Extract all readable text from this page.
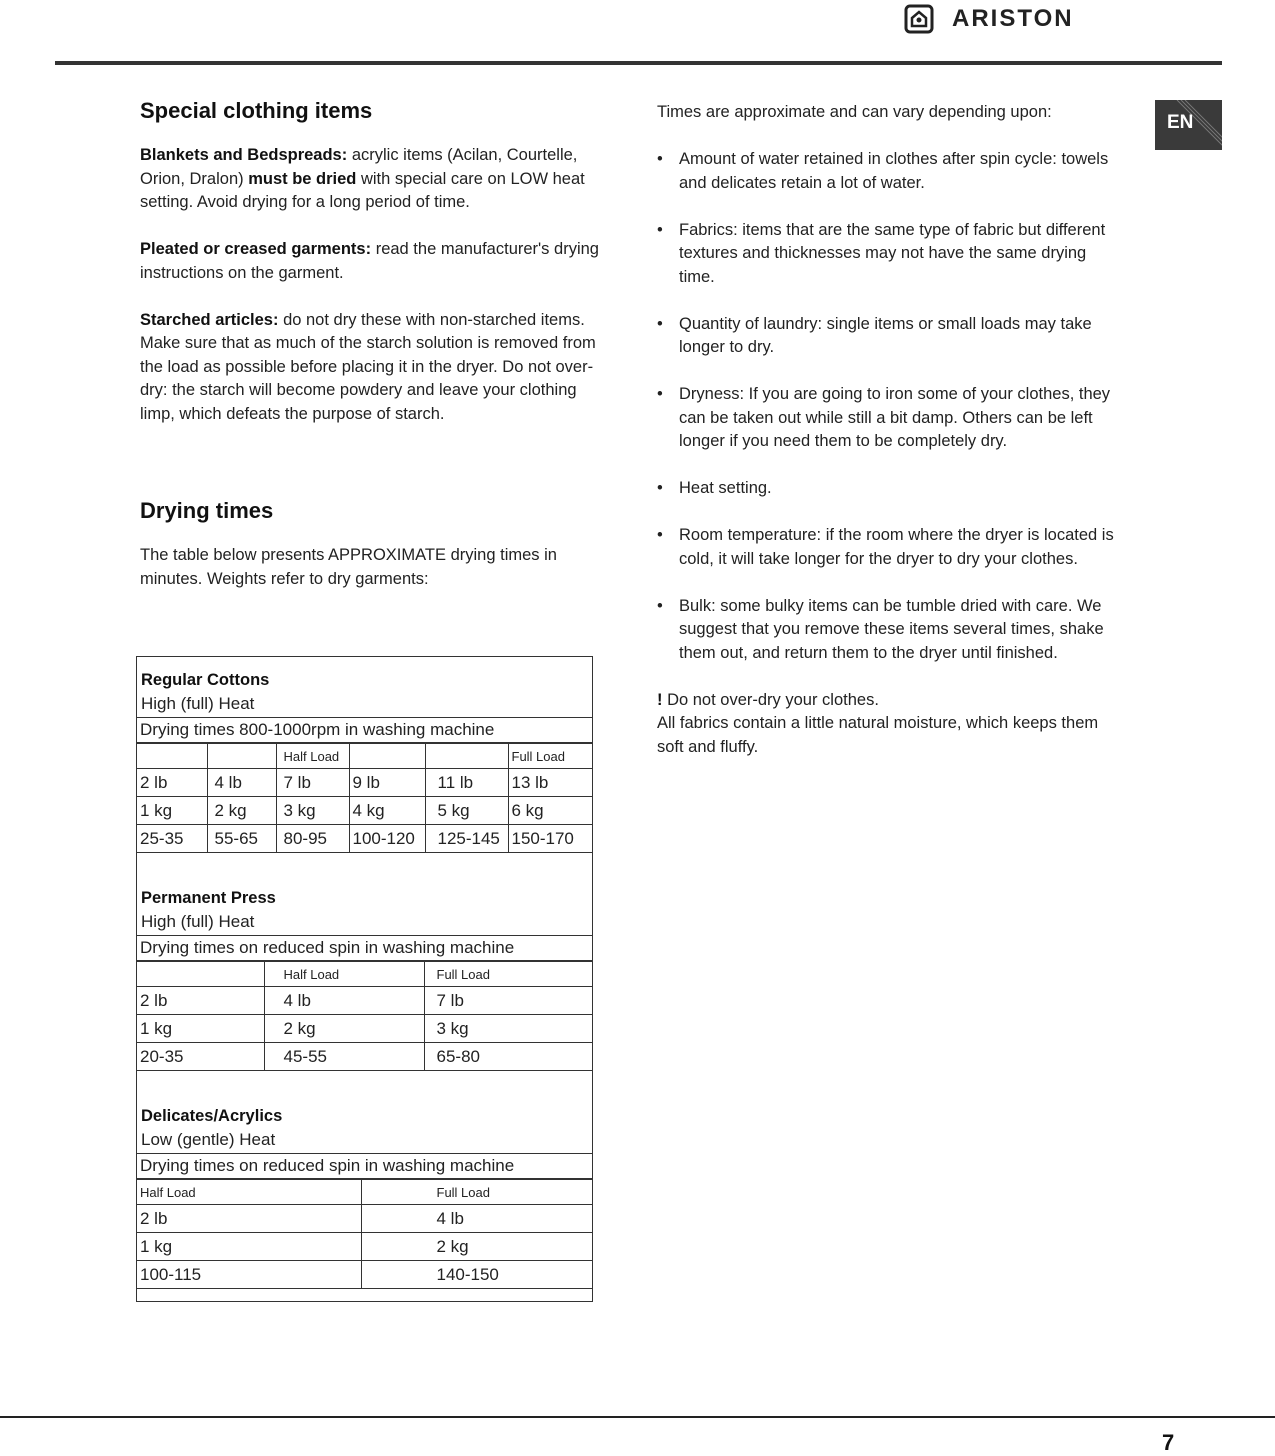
ARISTON
EN
Special clothing items

Blankets and Bedspreads: acrylic items (Acilan, Courtelle, Orion, Dralon) must be dried with special care on LOW heat setting. Avoid drying for a long period of time.

Pleated or creased garments: read the manufacturer's drying instructions on the garment.

Starched articles: do not dry these with non-starched items. Make sure that as much of the starch solution is removed from the load as possible before placing it in the dryer. Do not over-dry: the starch will become powdery and leave your clothing limp, which defeats the purpose of starch.

Drying times

The table below presents APPROXIMATE drying times in minutes. Weights refer to dry garments:

Regular Cottons
High (full) Heat
Drying times 800-1000rpm in washing machine
		Half Load			Full Load
2 lb	4 lb	7 lb	9 lb	11 lb	13 lb
1 kg	2 kg	3 kg	4 kg	5 kg	6 kg
25-35	55-65	80-95	100-120	125-145	150-170
Permanent Press
High (full) Heat
Drying times on reduced spin in washing machine
	Half Load	Full Load
2 lb	4 lb	7 lb
1 kg	2 kg	3 kg
20-35	45-55	65-80
Delicates/Acrylics
Low (gentle) Heat
Drying times on reduced spin in washing machine
Half Load	Full Load
2 lb	4 lb
1 kg	2 kg
100-115	140-150

Times are approximate and can vary depending upon:

• Amount of water retained in clothes after spin cycle: towels and delicates retain a lot of water.
• Fabrics: items that are the same type of fabric but different textures and thicknesses may not have the same drying time.
• Quantity of laundry: single items or small loads may take longer to dry.
• Dryness: If you are going to iron some of your clothes, they can be taken out while still a bit damp. Others can be left longer if you need them to be completely dry.
• Heat setting.
• Room temperature: if the room where the dryer is located is cold, it will take longer for the dryer to dry your clothes.
• Bulk: some bulky items can be tumble dried with care. We suggest that you remove these items several times, shake them out, and return them to the dryer until finished.

! Do not over-dry your clothes.

All fabrics contain a little natural moisture, which keeps them soft and fluffy.

7
